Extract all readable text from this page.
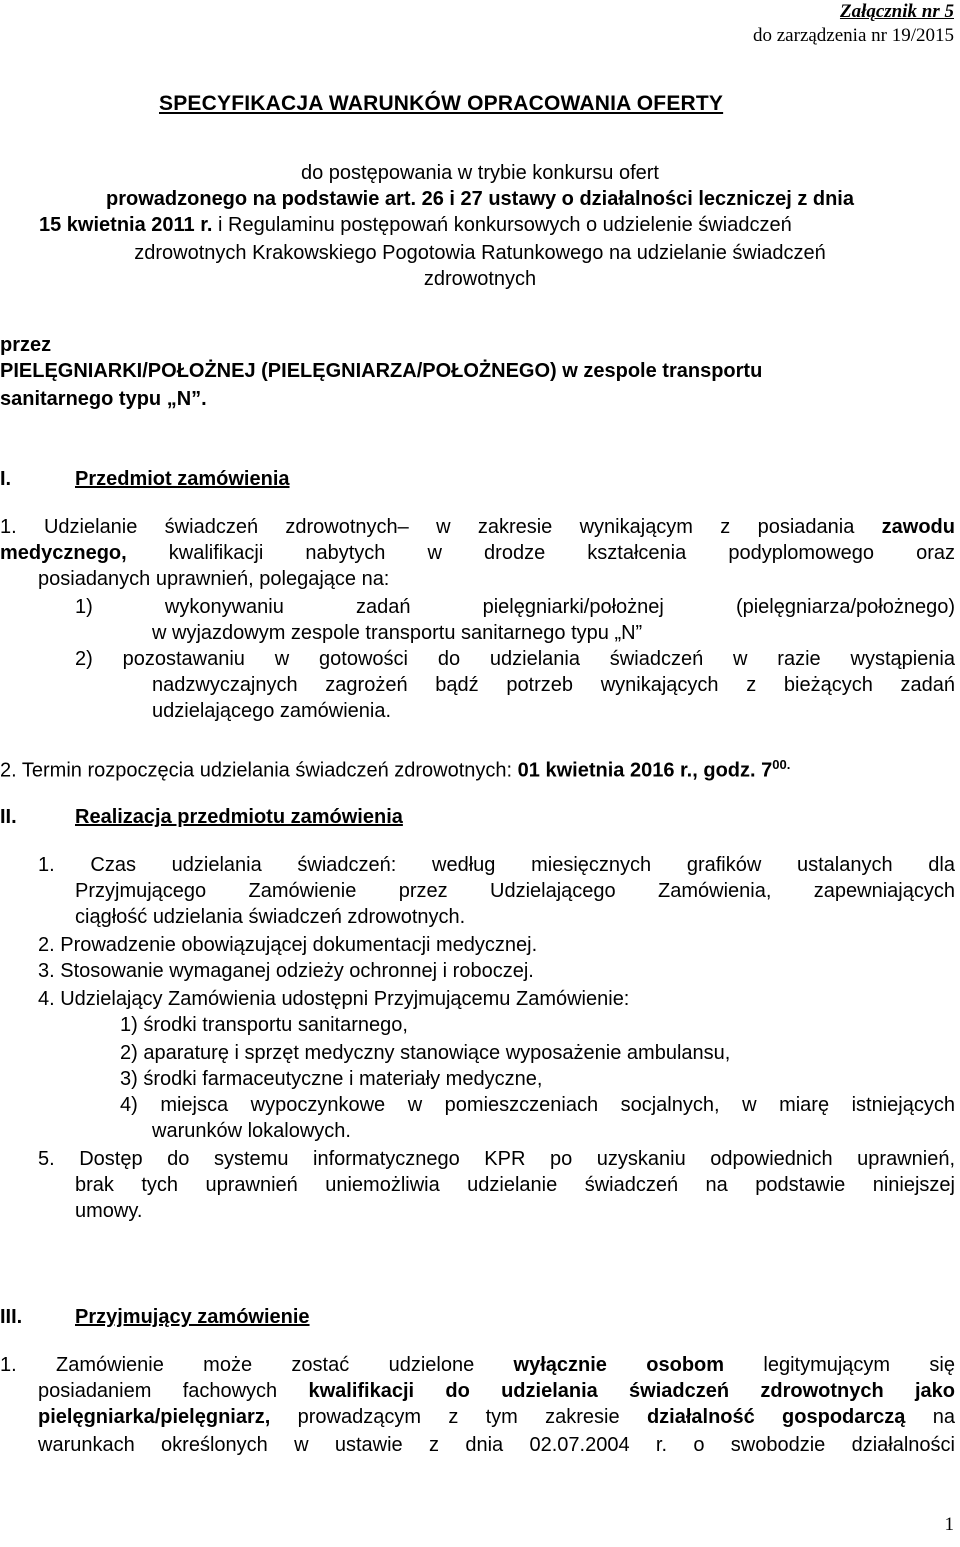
Załącznik nr 5
do zarządzenia nr 19/2015
SPECYFIKACJA WARUNKÓW OPRACOWANIA OFERTY
do postępowania w trybie konkursu ofert
prowadzonego na podstawie art. 26 i 27 ustawy o działalności leczniczej z dnia
15 kwietnia 2011 r. i Regulaminu postępowań konkursowych o udzielenie świadczeń
zdrowotnych Krakowskiego Pogotowia Ratunkowego na udzielanie świadczeń
zdrowotnych
przez
PIELĘGNIARKI/POŁOŻNEJ (PIELĘGNIARZA/POŁOŻNEGO) w zespole transportu
sanitarnego typu „N”.
I.	Przedmiot zamówienia
1. Udzielanie świadczeń zdrowotnych– w zakresie wynikającym z posiadania zawodu
medycznego, kwalifikacji nabytych w drodze kształcenia podyplomowego oraz
posiadanych uprawnień, polegające na:
1) wykonywaniu zadań pielęgniarki/położnej (pielęgniarza/położnego)
w wyjazdowym zespole transportu sanitarnego typu „N”
2) pozostawaniu w gotowości do udzielania świadczeń w razie wystąpienia
nadzwyczajnych zagrożeń bądź potrzeb wynikających z bieżących zadań
udzielającego zamówienia.
2. Termin rozpoczęcia udzielania świadczeń zdrowotnych: 01 kwietnia 2016 r., godz. $7^{00.}$
II.	Realizacja przedmiotu zamówienia
1. Czas udzielania świadczeń: według miesięcznych grafików ustalanych dla
Przyjmującego Zamówienie przez Udzielającego Zamówienia, zapewniających
ciągłość udzielania świadczeń zdrowotnych.
2. Prowadzenie obowiązującej dokumentacji medycznej.
3. Stosowanie wymaganej odzieży ochronnej i roboczej.
4. Udzielający Zamówienia udostępni Przyjmującemu Zamówienie:
1) środki transportu sanitarnego,
2) aparaturę i sprzęt medyczny stanowiące wyposażenie ambulansu,
3) środki farmaceutyczne i materiały medyczne,
4) miejsca wypoczynkowe w pomieszczeniach socjalnych, w miarę istniejących
warunków lokalowych.
5. Dostęp do systemu informatycznego KPR po uzyskaniu odpowiednich uprawnień,
brak tych uprawnień uniemożliwia udzielanie świadczeń na podstawie niniejszej
umowy.
III.	Przyjmujący zamówienie
1. Zamówienie może zostać udzielone wyłącznie osobom legitymującym się
posiadaniem fachowych kwalifikacji do udzielania świadczeń zdrowotnych jako
pielęgniarka/pielęgniarz, prowadzącym z tym zakresie działalność gospodarczą na
warunkach określonych w ustawie z dnia 02.07.2004 r. o swobodzie działalności
1
